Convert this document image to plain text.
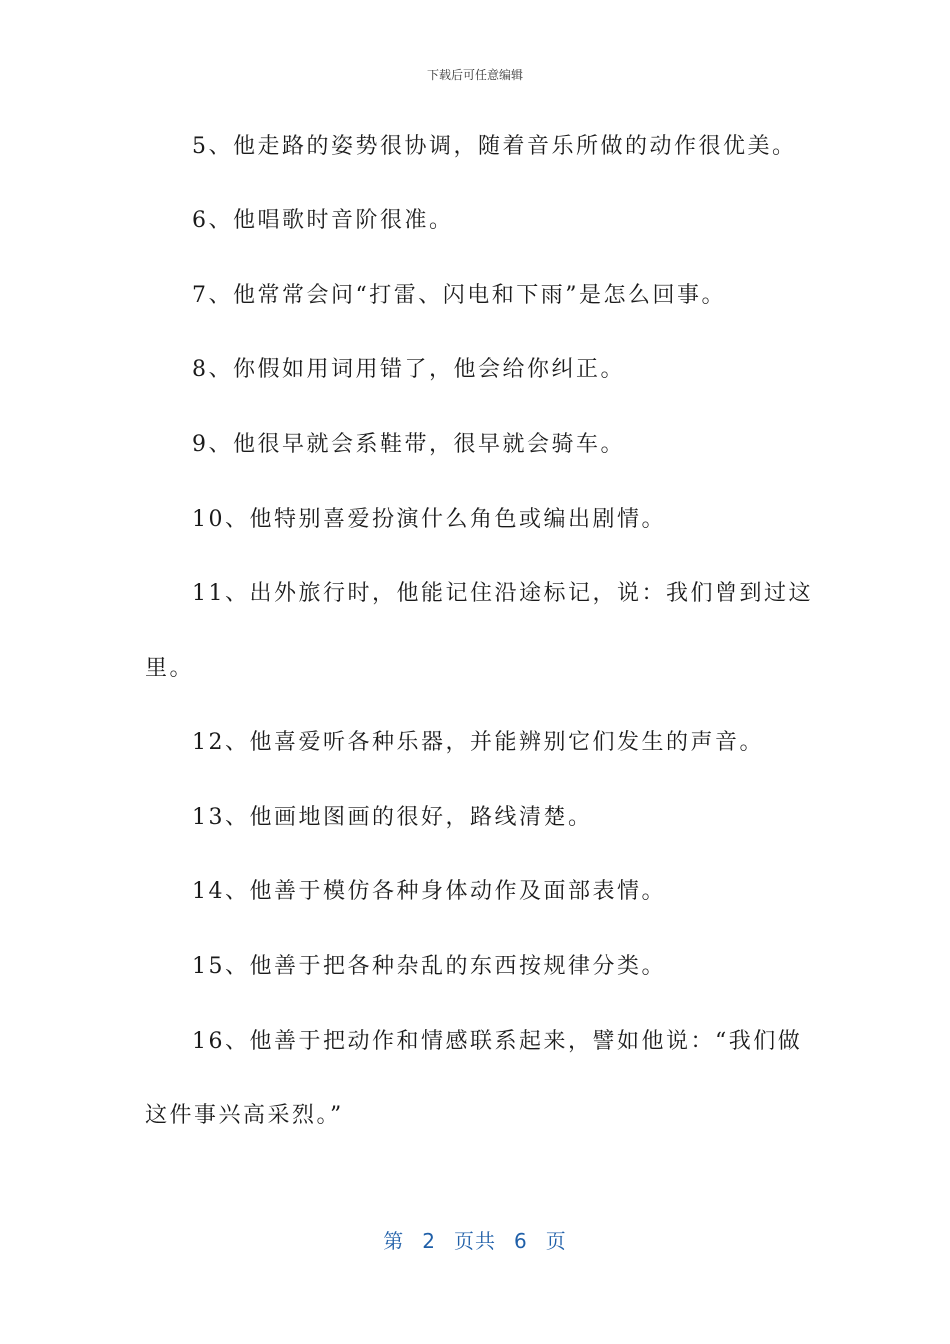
下载后可任意编辑
5、他走路的姿势很协调，随着音乐所做的动作很优美。
6、他唱歌时音阶很准。
7、他常常会问“打雷、闪电和下雨”是怎么回事。
8、你假如用词用错了，他会给你纠正。
9、他很早就会系鞋带，很早就会骑车。
10、他特别喜爱扮演什么角色或编出剧情。
11、出外旅行时，他能记住沿途标记，说：我们曾到过这
里。
12、他喜爱听各种乐器，并能辨别它们发生的声音。
13、他画地图画的很好，路线清楚。
14、他善于模仿各种身体动作及面部表情。
15、他善于把各种杂乱的东西按规律分类。
16、他善于把动作和情感联系起来，譬如他说：“我们做
这件事兴高采烈。”
第 2 页共 6 页
